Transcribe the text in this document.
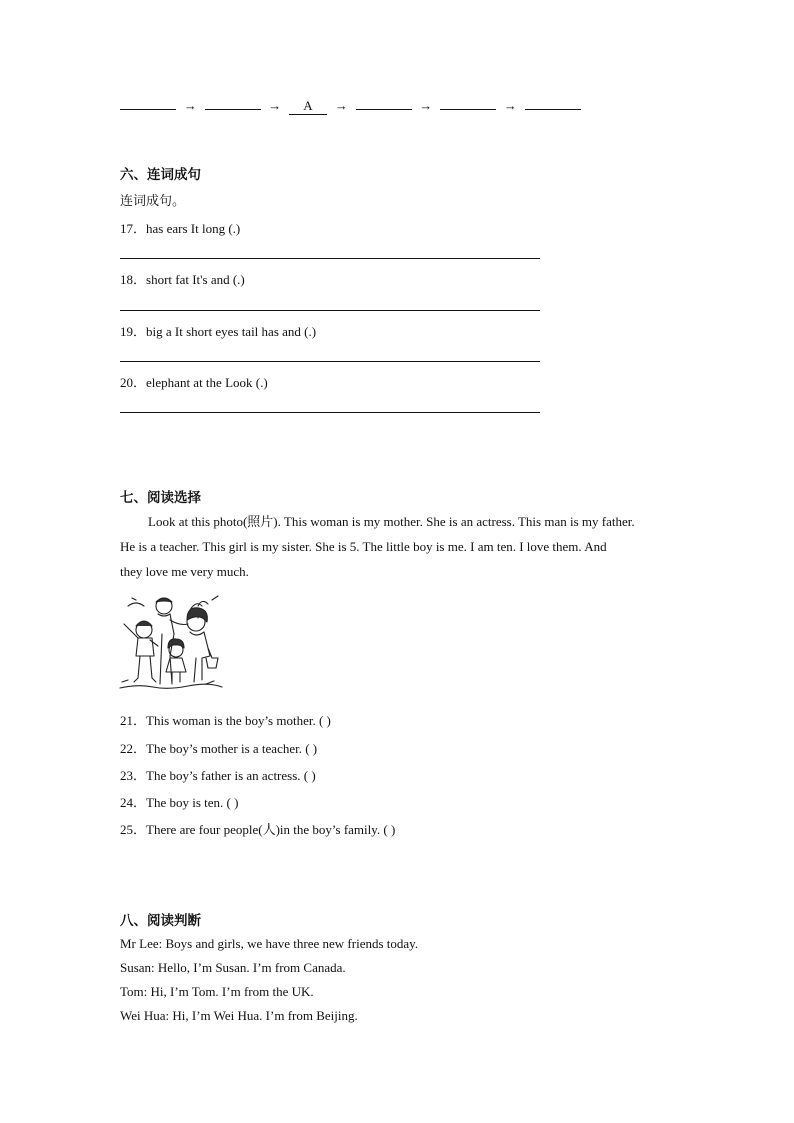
→	→ A →	→	→
六、连词成句
连词成句。
17．has ears It long (.)
18．short fat It's and (.)
19．big a It short eyes tail has and (.)
20．elephant at the Look (.)
七、阅读选择
Look at this photo(照片). This woman is my mother. She is an actress. This man is my father.
He is a teacher. This girl is my sister. She is 5. The little boy is me. I am ten. I love them. And
they love me very much.
21．This woman is the boy’s mother. ( )
22．The boy’s mother is a teacher. ( )
23．The boy’s father is an actress. ( )
24．The boy is ten. ( )
25．There are four people(人)in the boy’s family. ( )
八、阅读判断
Mr Lee: Boys and girls, we have three new friends today.
Susan: Hello, I’m Susan. I’m from Canada.
Tom: Hi, I’m Tom. I’m from the UK.
Wei Hua: Hi, I’m Wei Hua. I’m from Beijing.
